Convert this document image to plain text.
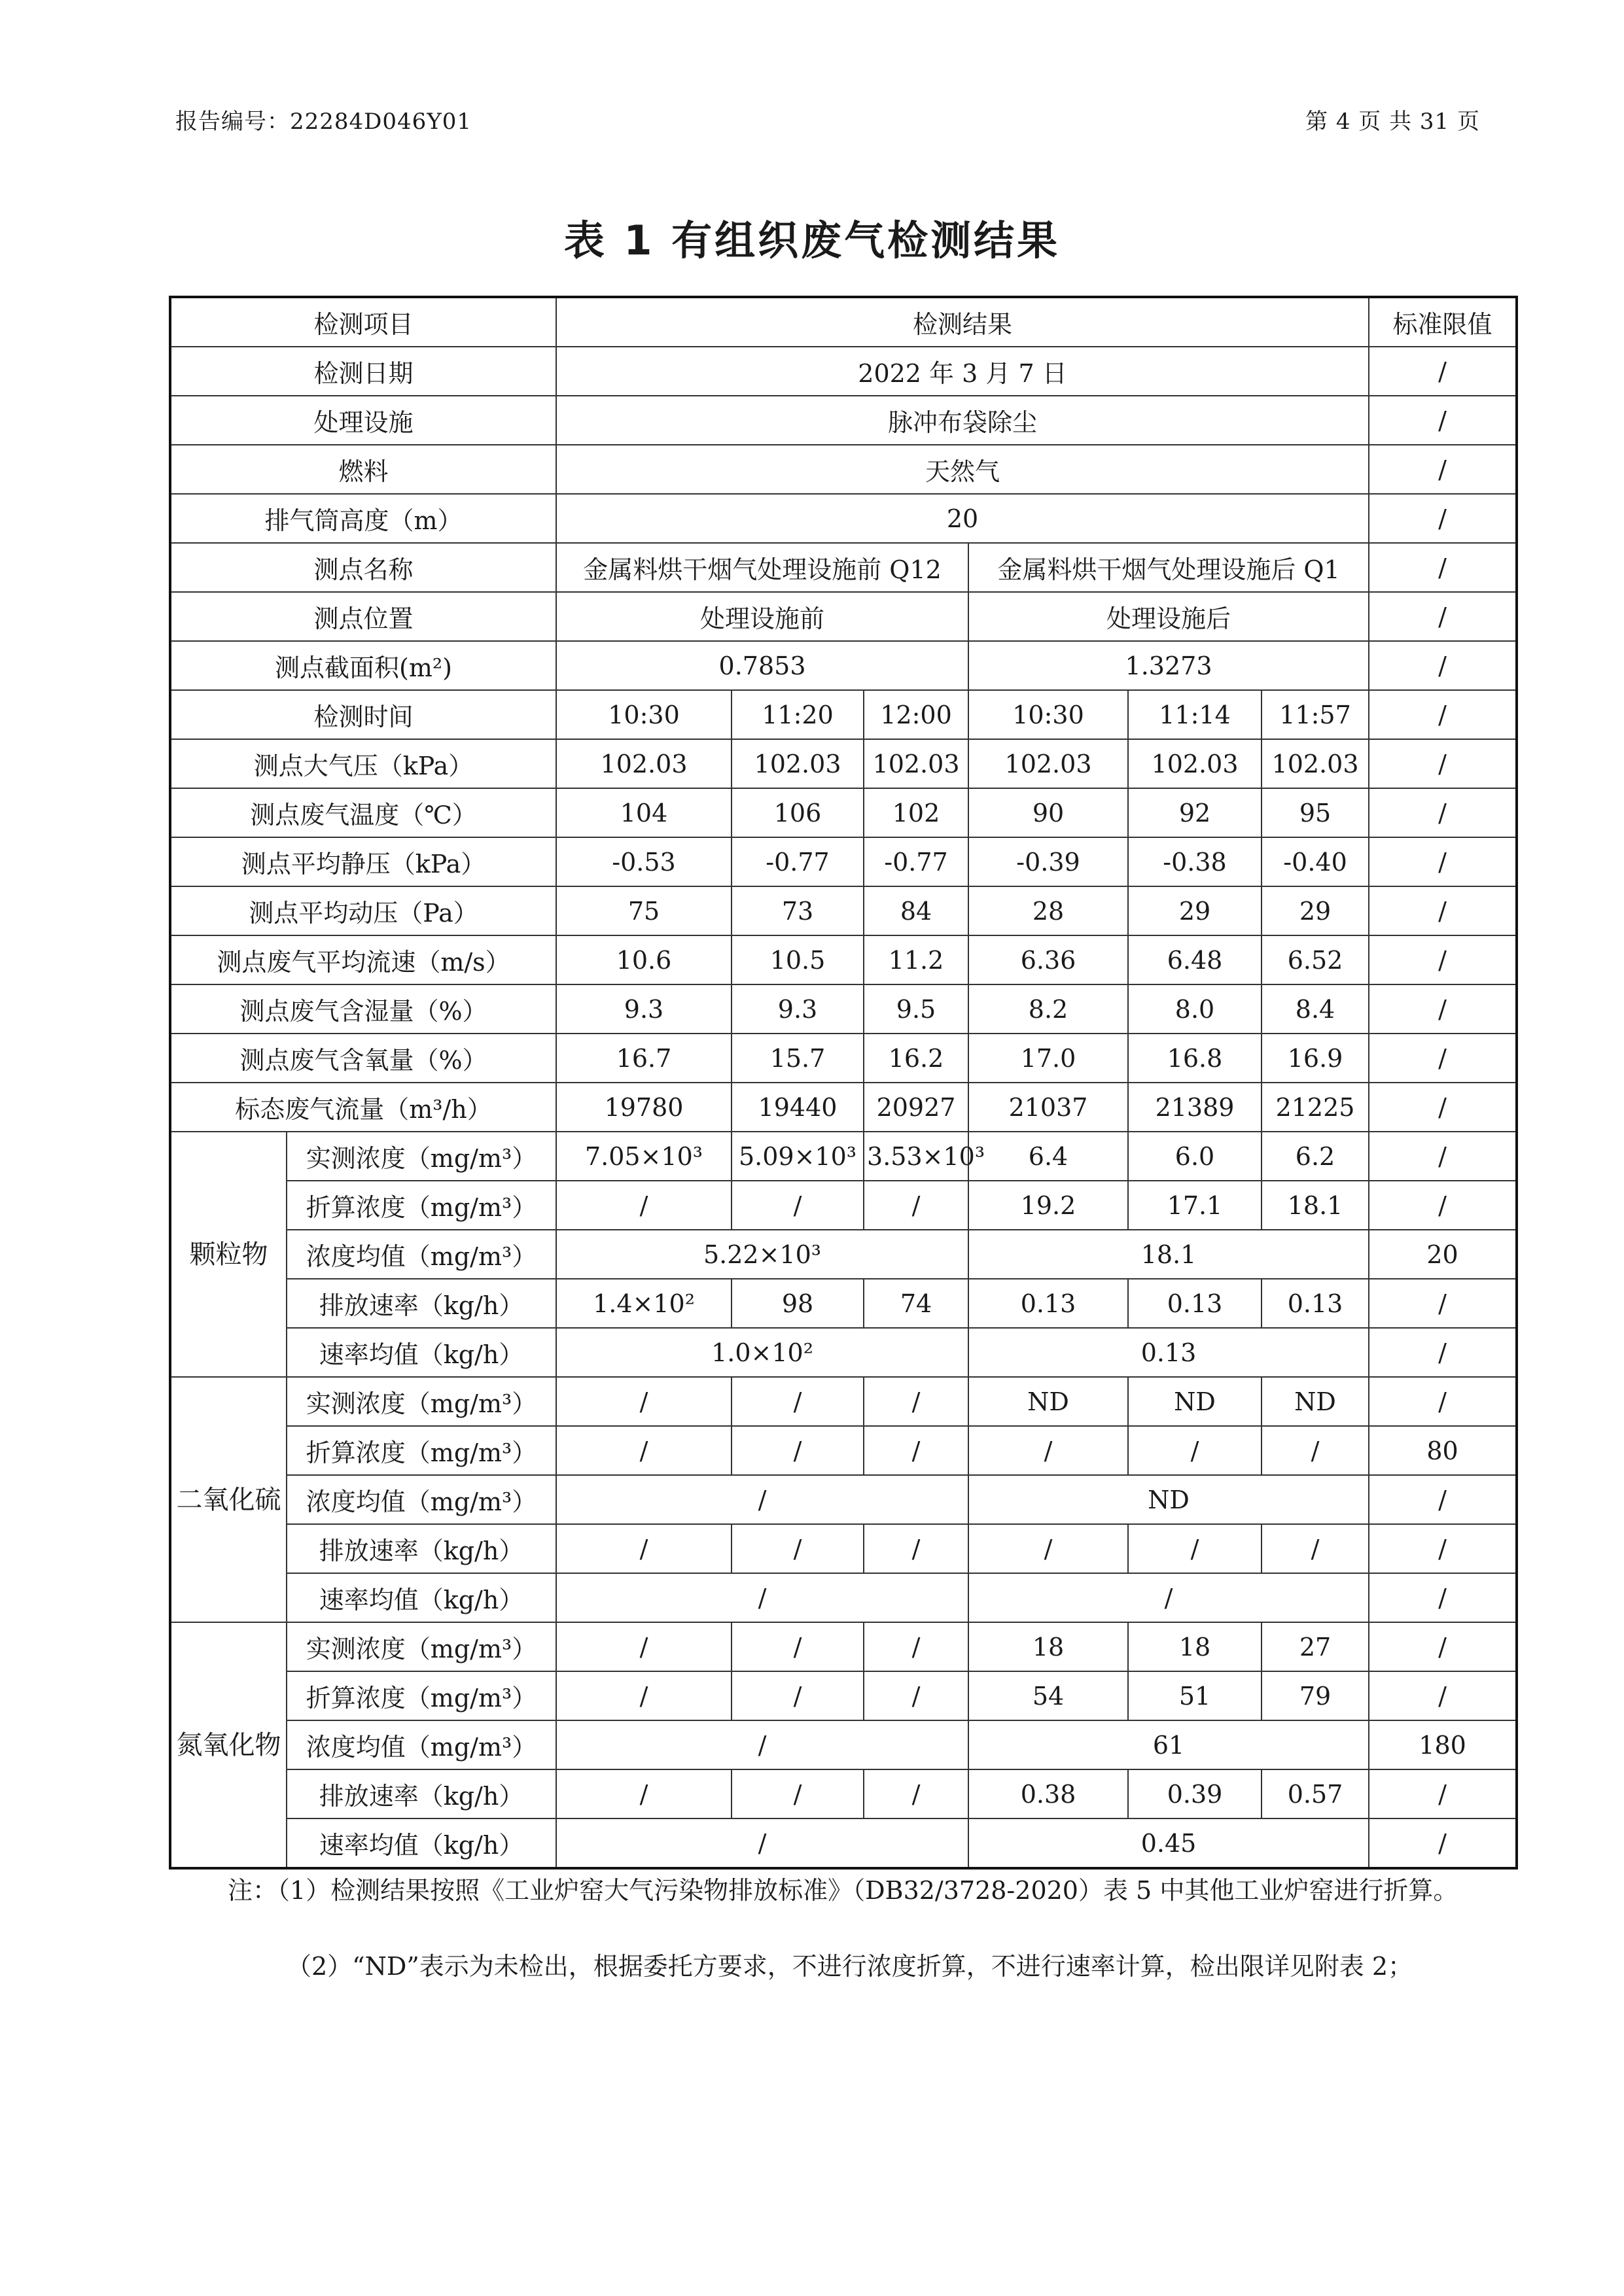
报告编号：22284D046Y01	第 4 页 共 31 页
表 1 有组织废气检测结果
检测项目		检测结果						标准限值
检测日期		2022 年 3 月 7 日						/
处理设施		脉冲布袋除尘						/
燃料		天然气						/
排气筒高度（m）		20						/
测点名称		金属料烘干烟气处理设施前 Q12			金属料烘干烟气处理设施后 Q1			/
测点位置		处理设施前			处理设施后			/
测点截面积(m²)		0.7853			1.3273			/
检测时间		10:30	11:20	12:00	10:30	11:14	11:57	/
测点大气压（kPa）		102.03	102.03	102.03	102.03	102.03	102.03	/
测点废气温度（℃）		104	106	102	90	92	95	/
测点平均静压（kPa）		-0.53	-0.77	-0.77	-0.39	-0.38	-0.40	/
测点平均动压（Pa）		75	73	84	28	29	29	/
测点废气平均流速（m/s）		10.6	10.5	11.2	6.36	6.48	6.52	/
测点废气含湿量（%）		9.3	9.3	9.5	8.2	8.0	8.4	/
测点废气含氧量（%）		16.7	15.7	16.2	17.0	16.8	16.9	/
标态废气流量（m³/h）		19780	19440	20927	21037	21389	21225	/
颗粒物	实测浓度（mg/m³）	7.05×10³	5.09×10³	3.53×10³	6.4	6.0	6.2	/
	折算浓度（mg/m³）	/	/	/	19.2	17.1	18.1	/
	浓度均值（mg/m³）	5.22×10³			18.1			20
	排放速率（kg/h）	1.4×10²	98	74	0.13	0.13	0.13	/
	速率均值（kg/h）	1.0×10²			0.13			/
二氧化硫	实测浓度（mg/m³）	/	/	/	ND	ND	ND	/
	折算浓度（mg/m³）	/	/	/	/	/	/	80
	浓度均值（mg/m³）	/			ND			/
	排放速率（kg/h）	/	/	/	/	/	/	/
	速率均值（kg/h）	/			/			/
氮氧化物	实测浓度（mg/m³）	/	/	/	18	18	27	/
	折算浓度（mg/m³）	/	/	/	54	51	79	/
	浓度均值（mg/m³）	/			61			180
	排放速率（kg/h）	/	/	/	0.38	0.39	0.57	/
	速率均值（kg/h）	/			0.45			/
注：（1）检测结果按照《工业炉窑大气污染物排放标准》（DB32/3728-2020）表 5 中其他工业炉窑进行折算。
（2）“ND”表示为未检出，根据委托方要求，不进行浓度折算，不进行速率计算，检出限详见附表 2；
